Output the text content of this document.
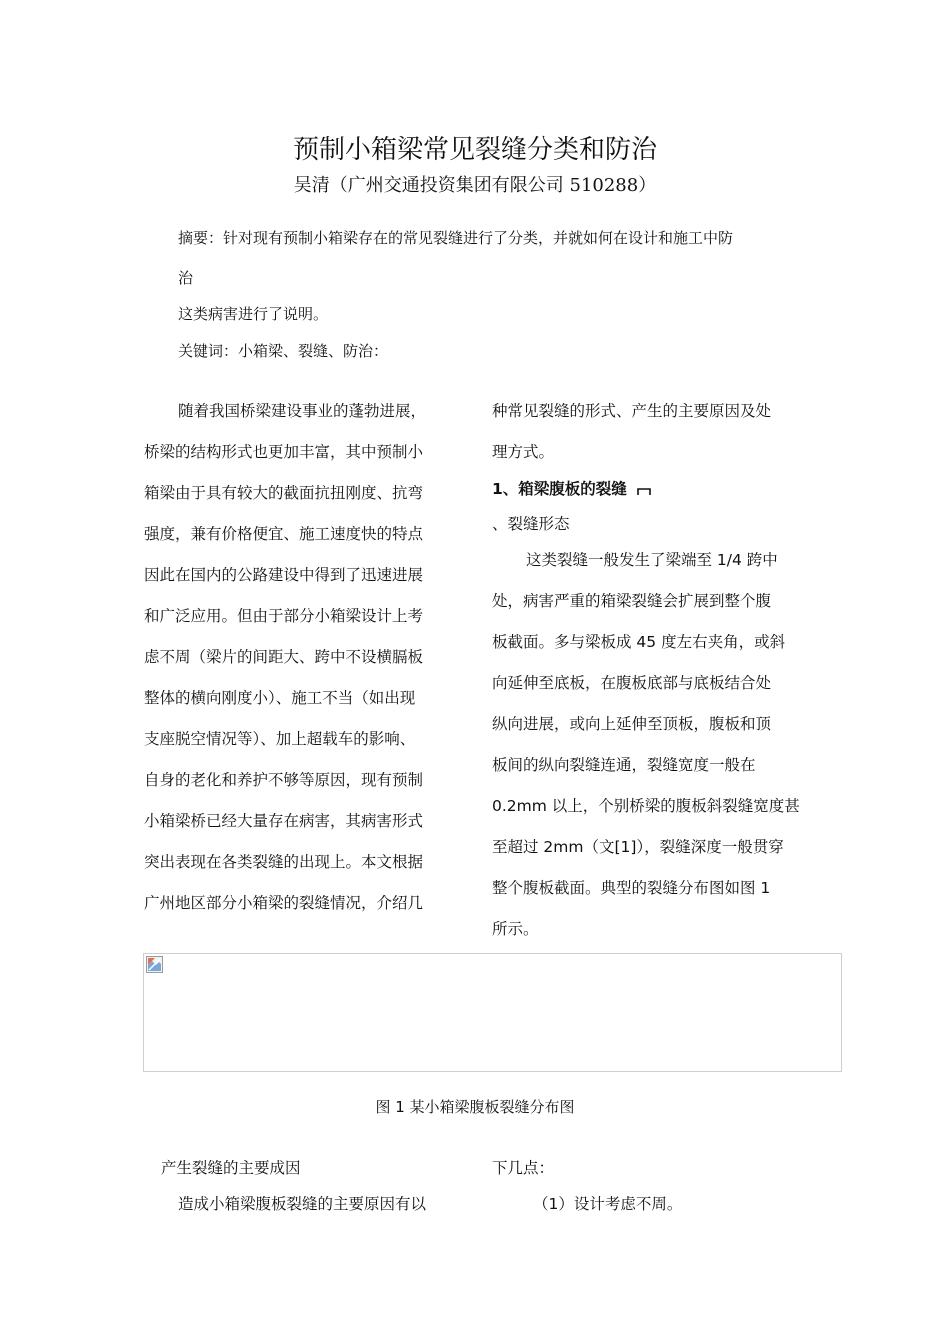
预制小箱梁常见裂缝分类和防治
吴清（广州交通投资集团有限公司 510288）
摘要：针对现有预制小箱梁存在的常见裂缝进行了分类，并就如何在设计和施工中防
治
这类病害进行了说明。
关键词：小箱梁、裂缝、防治：
随着我国桥梁建设事业的蓬勃进展，
桥梁的结构形式也更加丰富，其中预制小
箱梁由于具有较大的截面抗扭刚度、抗弯
强度，兼有价格便宜、施工速度快的特点
因此在国内的公路建设中得到了迅速进展
和广泛应用。但由于部分小箱梁设计上考
虑不周（梁片的间距大、跨中不设横膈板
整体的横向刚度小）、施工不当（如出现
支座脱空情况等）、加上超载车的影响、
自身的老化和养护不够等原因，现有预制
小箱梁桥已经大量存在病害，其病害形式
突出表现在各类裂缝的出现上。本文根据
广州地区部分小箱梁的裂缝情况，介绍几
种常见裂缝的形式、产生的主要原因及处
理方式。
1、箱梁腹板的裂缝
、裂缝形态
这类裂缝一般发生了梁端至 1/4 跨中
处，病害严重的箱梁裂缝会扩展到整个腹
板截面。多与梁板成 45 度左右夹角，或斜
向延伸至底板，在腹板底部与底板结合处
纵向进展，或向上延伸至顶板，腹板和顶
板间的纵向裂缝连通，裂缝宽度一般在
0.2mm 以上，个别桥梁的腹板斜裂缝宽度甚
至超过 2mm（文[1]），裂缝深度一般贯穿
整个腹板截面。典型的裂缝分布图如图 1
所示。
图 1 某小箱梁腹板裂缝分布图
产生裂缝的主要成因
造成小箱梁腹板裂缝的主要原因有以
下几点：
（1）设计考虑不周。
